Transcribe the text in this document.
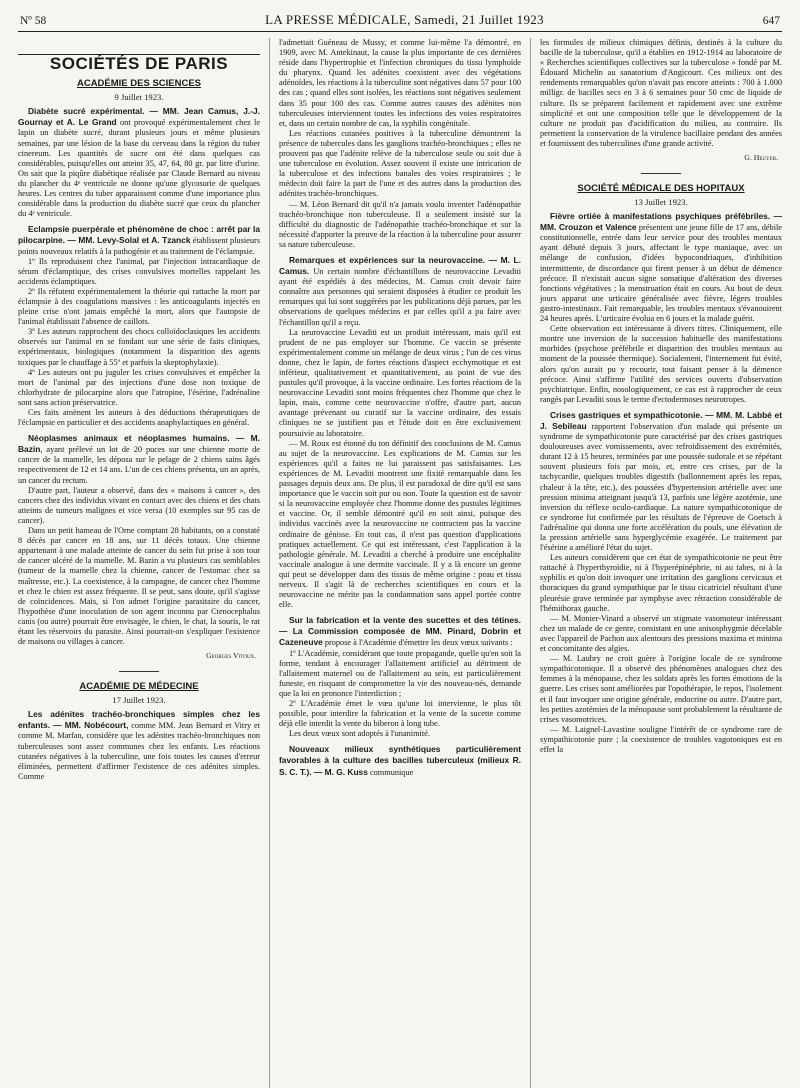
Nº 58	LA PRESSE MÉDICALE, Samedi, 21 Juillet 1923	647
SOCIÉTÉS DE PARIS
ACADÉMIE DES SCIENCES
9 Juillet 1923.

Diabète sucré expérimental. — MM. Jean Camus, J.-J. Gournay et A. Le Grand ont provoqué expérimentalement chez le lapin un diabète sucré, durant plusieurs jours et même plusieurs semaines, par une lésion de la base du cerveau dans la région du tuber cinereum. Les quantités de sucre ont été dans quelques cas considérables, puisqu'elles ont atteint 35, 47, 64, 80 gr. par litre d'urine. On sait que la piqûre diabétique réalisée par Claude Bernard au niveau du plancher du 4ᵉ ventricule ne donne qu'une glycosurie de quelques heures. Les centres du tuber apparaissent comme d'une importance plus considérable dans la production du diabète sucré que ceux du plancher du 4ᵉ ventricule.

Eclampsie puerpérale et phénomène de choc : arrêt par la pilocarpine. — MM. Levy-Solal et A. Tzanck établissent plusieurs points nouveaux relatifs à la pathogénie et au traitement de l'éclampsie.

1º Ils reproduisent chez l'animal, par l'injection intracardiaque de sérum d'éclamptique, des crises convulsives mortelles rappelant les accidents éclamptiques.

2º Ils réfutent expérimentalement la théorie qui rattache la mort par éclampsie à des coagulations massives : les anticoagulants injectés en pleine crise n'ont jamais empêché la mort, alors que l'autopsie de l'animal établissait l'absence de caillots.

3º Les auteurs rapprochent des chocs colloïdoclasiques les accidents observés sur l'animal en se fondant sur une série de faits cliniques, expérimentaux, biologiques (notamment la disparition des agents toxiques par le chauffage à 55º et parfois la skeptophylaxie).

4º Les auteurs ont pu juguler les crises convulsives et empêcher la mort de l'animal par des injections d'une dose non toxique de chlorhydrate de pilocarpine alors que l'atropine, l'ésérine, l'adrénaline sont sans action préservatrice.

Ces faits amènent les auteurs à des déductions thérapeutiques de l'éclampsie en particulier et des accidents anaphylactiques en général.

Néoplasmes animaux et néoplasmes humains. — M. Bazin, ayant prélevé un lot de 20 puces sur une chienne morte de cancer de la mamelle, les déposa sur le pelage de 2 chiens sains âgés respectivement de 12 et 14 ans. L'un de ces chiens présenta, un an après, un cancer du rectum.

D'autre part, l'auteur a observé, dans des « maisons à cancer », des cancers chez des individus vivant en contact avec des chiens et des chats atteints de tumeurs malignes et vice versa (10 exemples sur 95 cas de cancer).

Dans un petit hameau de l'Orne comptant 28 habitants, on a constaté 8 décès par cancer en 18 ans, sur 11 décès totaux. Une chienne appartenant à une malade atteinte de cancer du sein fut prise à son tour de cancer ulcéré de la mamelle. M. Bazin a vu plusieurs cas semblables (tumeur de la mamelle chez la chienne, cancer de l'estomac chez sa maîtresse, etc.). La coexistence, à la campagne, de cancer chez l'homme et chez le chien est assez fréquente. Il se peut, sans doute, qu'il s'agisse de coïncidences. Mais, si l'on admet l'origine parasitaire du cancer, l'hypothèse d'une inoculation de son agent inconnu par Ctenocephalus canis (ou autre) pourrait être envisagée, le chien, le chat, la souris, le rat étant les réservoirs du parasite. Ainsi pourrait-on s'expliquer l'existence de maisons ou villages à cancer.

Georges Vitoux.
ACADÉMIE DE MÉDECINE
17 Juillet 1923.

Les adénites trachéo-bronchiques simples chez les enfants. — MM. Nobécourt, comme MM. Jean Bernard et Vitry et comme M. Marfan, considère que les adénites trachéo-bronchiques non tuberculeuses sont assez communes chez les enfants. Les réactions cutanées négatives à la tuberculine, une fois toutes les causes d'erreur éliminées, permettent d'affirmer l'existence de ces adénites simples. Comme

l'admettait Guéneau de Mussy, et comme lui-même l'a démontré, en 1909, avec M. Antekinaut, la cause la plus importante de ces dernières réside dans l'hypertrophie et l'infection chroniques du tissu lymphoïde du pharynx. Quand les adénites coexistent avec des végétations adénoïdes, les réactions à la tuberculine sont négatives dans 57 pour 100 des cas ; quand elles sont isolées, les réactions sont négatives seulement dans 35 pour 100 des cas. Comme autres causes des adénites non tuberculeuses interviennent toutes les infections des voies respiratoires et, dans un certain nombre de cas, la syphilis congénitale.

Les réactions cutanées positives à la tuberculine démontrent la présence de tubercules dans les ganglions trachéo-bronchiques ; elles ne prouvent pas que l'adénite relève de la tuberculose seule ou soit due à une tuberculose en évolution. Assez souvent il existe une intrication de la tuberculose et des infections banales des voies respiratoires ; le médecin doit faire la part de l'une et des autres dans la production des adénites trachéo-bronchiques.

— M. Léon Bernard dit qu'il n'a jamais voulu inventer l'adénopathie trachéo-bronchique non tuberculeuse. Il a seulement insisté sur la difficulté du diagnostic de l'adénopathie trachéo-bronchique et sur la nécessité d'apporter la preuve de la réaction à la tuberculine pour assurer sa nature tuberculeuse.

Remarques et expériences sur la neurovaccine. — M. L. Camus. Un certain nombre d'échantillons de neurovaccine Levaditi ayant été expédiés à des médecins, M. Camus croit devoir faire connaître aux personnes qui seraient disposées à étudier ce produit les remarques qui lui sont suggérées par les publications déjà parues, par les observations de quelques médecins et par celles qu'il a pu faire avec l'échantillon qu'il a reçu.

La neurovaccine Levaditi est un produit intéressant, mais qu'il est prudent de ne pas employer sur l'homme. Ce vaccin se présente expérimentalement comme un mélange de deux virus ; l'un de ces virus donne, chez le lapin, de fortes réactions d'aspect ecchymotique et est inférieur, qualitativement et quantitativement, au point de vue des pustules qu'il provoque, à la vaccine ordinaire. Les fortes réactions de la neurovaccine Levaditi sont moins fréquentes chez l'homme que chez le lapin, mais, comme cette neurovaccine n'offre, d'autre part, aucun avantage prévenant ou curatif sur la vaccine ordinaire, des essais cliniques ne se justifient pas et l'étude doit en être exclusivement poursuivie au laboratoire.

— M. Roux est étonné du ton définitif des conclusions de M. Camus au sujet de la neurovaccine. Les explications de M. Camus sur les expériences qu'il a faites ne lui paraissent pas satisfaisantes. Les expériences de M. Levaditi montrent une fixité remarquable dans les passages depuis deux ans. De plus, il est paradoxal de dire qu'il est sans importance que le vaccin soit pur ou non. Toute la question est de savoir si la neurovaccine employée chez l'homme donne des pustules légitimes et vaccine. Or, il semble démontré qu'il en soit ainsi, puisque des individus vaccinés avec la neurovaccine ne contractent pas la vaccine ordinaire de génisse. En tout cas, il n'est pas question d'applications pratiques actuellement. Ce qui est intéressant, c'est l'application à la pathologie générale. M. Levaditi a cherché à produire une encéphalite vaccinale analogue à une dermite vaccinale. Il y a là encore un germe qui peut se développer dans des tissus de même origine : peau et tissu nerveux. Il s'agit là de recherches scientifiques en cours et la neurovaccine ne mérite pas la condamnation sans appel portée contre elle.

Sur la fabrication et la vente des sucettes et des tétines. — La Commission composée de MM. Pinard, Dobrin et Cazeneuve propose à l'Académie d'émettre les deux vœux suivants :

1º L'Académie, considérant que toute propagande, quelle qu'en soit la forme, tendant à encourager l'allaitement artificiel au détriment de l'allaitement maternel ou de l'allaitement au sein, est particulièrement funeste, en risquant de compromettre la vie des nouveau-nés, demande que la loi en prononce l'interdiction ;

2º L'Académie émet le vœu qu'une loi intervienne, le plus tôt possible, pour interdire la fabrication et la vente de la sucette comme déjà elle interdit la vente du biberon à long tube.

Les deux vœux sont adoptés à l'unanimité.

Nouveaux milieux synthétiques particulièrement favorables à la culture des bacilles tuberculeux (milieux R. S. C. T.). — M. G. Kuss communique

les formules de milieux chimiques définis, destinés à la culture du bacille de la tuberculose, qu'il a établies en 1912-1914 au laboratoire de « Recherches scientifiques collectives sur la tuberculose » fondé par M. Édouard Michelin au sanatorium d'Angicourt. Ces milieux ont des rendements remarquables qu'on n'avait pas encore atteints : 700 à 1.000 milligr. de bacilles secs en 3 à 6 semaines pour 50 cmc de liquide de culture. Ils se préparent facilement et rapidement avec une extrême simplicité et ont une composition telle que le développement de la culture ne produit pas d'acidification du milieu, au contraire. Ils permettent la conservation de la virulence bacillaire pendant des années et fournissent des tuberculines d'une grande activité.

G. Heuyer.
SOCIÉTÉ MÉDICALE DES HOPITAUX
13 Juillet 1923.

Fièvre ortiée à manifestations psychiques préfébriles. — MM. Crouzon et Valence présentent une jeune fille de 17 ans, débile constitutionnelle, entrée dans leur service pour des troubles mentaux ayant débuté depuis 3 jours, affectant le type maniaque, avec un mélange de confusion, d'idées hypocondriaques, d'inhibition intermittente, de discordance qui firent penser à un début de démence précoce. Il n'existait aucun signe somatique d'altération des diverses fonctions végétatives ; la menstruation était en cours. Au bout de deux jours apparut une urticaire généralisée avec fièvre, légers troubles gastro-intestinaux. Fait remarquable, les troubles mentaux s'évanouirent 24 heures après. L'urticaire évolua en 6 jours et la malade guérit.

Cette observation est intéressante à divers titres. Cliniquement, elle montre une inversion de la succession habituelle des manifestations morbides (psychose préfébrile et disparition des troubles mentaux au moment de la poussée thermique). Socialement, l'internement fut évité, alors qu'on aurait pu y recourir, tout faisant penser à la démence précoce. Ainsi s'affirme l'utilité des services ouverts d'observation psychiatrique. Enfin, nosologiquement, ce cas est à rapprocher de ceux rangés par Levaditi sous le terme d'ectodermoses neurotropes.

Crises gastriques et sympathicotonie. — MM. M. Labbé et J. Sebileau rapportent l'observation d'un malade qui présente un syndrome de sympathicotonie pure caractérisé par des crises gastriques douloureuses avec vomissements, avec refroidissement des extrémités, durant 12 à 15 heures, terminées par une poussée sudorale et se répétant souvent plusieurs fois par mois, et, entre ces crises, par de la tachycardie, quelques troubles digestifs (ballonnement après les repas, chaleur à la tête, etc.), des poussées d'hypertension artérielle avec une pression minima atteignant jusqu'à 13, parfois une légère azotémie, une inversion du réflexe oculo-cardiaque. La nature sympathicotonique de ce syndrome fut confirmée par les résultats de l'épreuve de Goetsch à l'adrénaline qui donna une forte accélération du pouls, une élévation de la pression artérielle sans hyperglycémie exagérée. Le traitement par l'ésérine a amélioré l'état du sujet.

Les auteurs considèrent que cet état de sympathicotonie ne peut être rattaché à l'hyperthyroïdie, ni à l'hyperépinéphrie, ni au tabes, ni à la syphilis et qu'on doit invoquer une irritation des ganglions cervicaux et thoraciques du grand sympathique par le tissu cicatriciel résultant d'une pleurésie grave terminée par symphyse avec rétraction considérable de l'hémithorax gauche.

— M. Monier-Vinard a observé un stigmate vasomoteur intéressant chez un malade de ce genre, consistant en une anisosphygmie décelable avec l'appareil de Pachon aux alentours des pressions maxima et minima et concomitante des algies.

— M. Laubry ne croit guère à l'origine locale de ce syndrome sympathicotonique. Il a observé des phénomènes analogues chez des femmes à la ménopause, chez les soldats après les fortes émotions de la guerre. Les crises sont améliorées par l'opothérapie, le repos, l'isolement et il faut invoquer une origine générale, endocrine ou autre. D'autre part, les petites azotémies de la ménopause sont probablement la résultante de crises vasomotrices.

— M. Laignel-Lavastine souligne l'intérêt de ce syndrome rare de sympathicotonie pure ; la coexistence de troubles vagotoniques est en effet la
